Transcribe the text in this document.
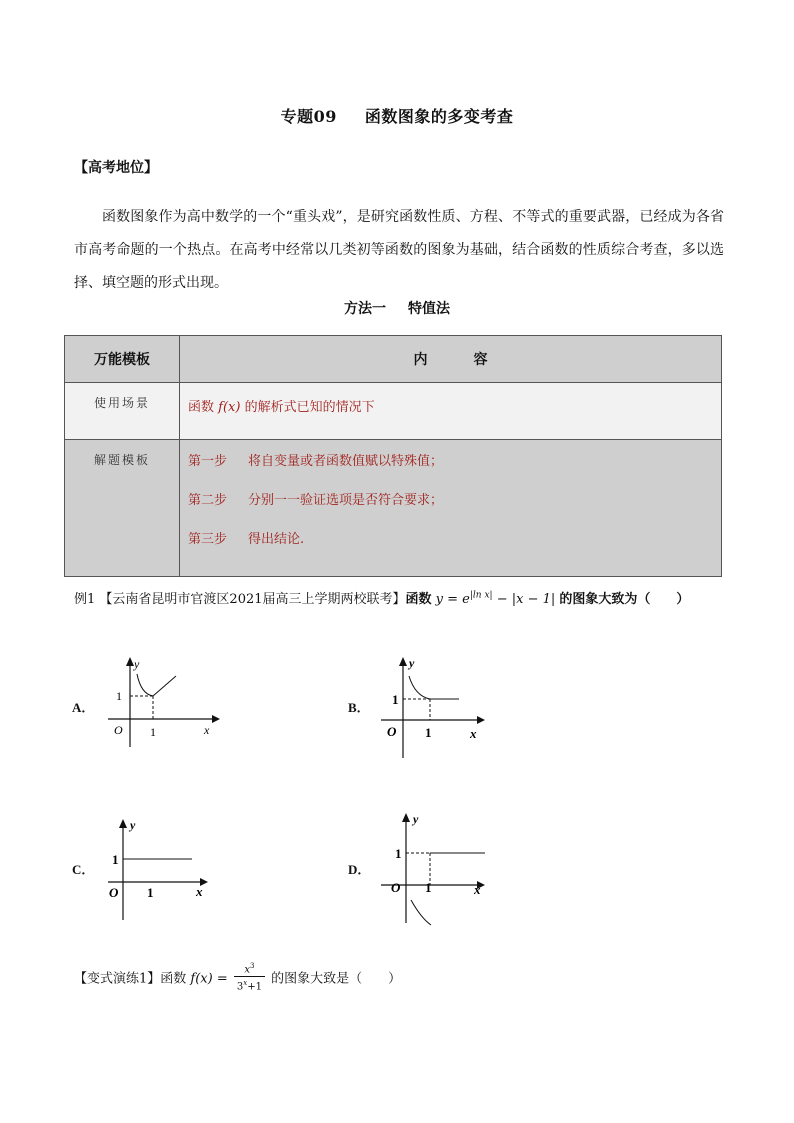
专题09 函数图象的多变考查
【高考地位】
函数图象作为高中数学的一个“重头戏”，是研究函数性质、方程、不等式的重要武器，已经成为各省市高考命题的一个热点。在高考中经常以几类初等函数的图象为基础，结合函数的性质综合考查，多以选择、填空题的形式出现。
方法一 特值法
万能模板	内 容

使用场景	函数 f(x) 的解析式已知的情况下

解题模板	第一步 将自变量或者函数值赋以特殊值；
第二步 分别一一验证选项是否符合要求；
第三步 得出结论.
例1 【云南省昆明市官渡区2021届高三上学期两校联考】函数 $y = e^{|ln x|} - |x - 1|$ 的图象大致为（　　）
A．
y
x
O
1
1
B．
y
x
O
1
1
C．
y
x
O
1
1
D．
y
x
O
1
1
【变式演练1】函数 $f(x) = \frac{x^3}{3^x+1}$ 的图象大致是（　　）
